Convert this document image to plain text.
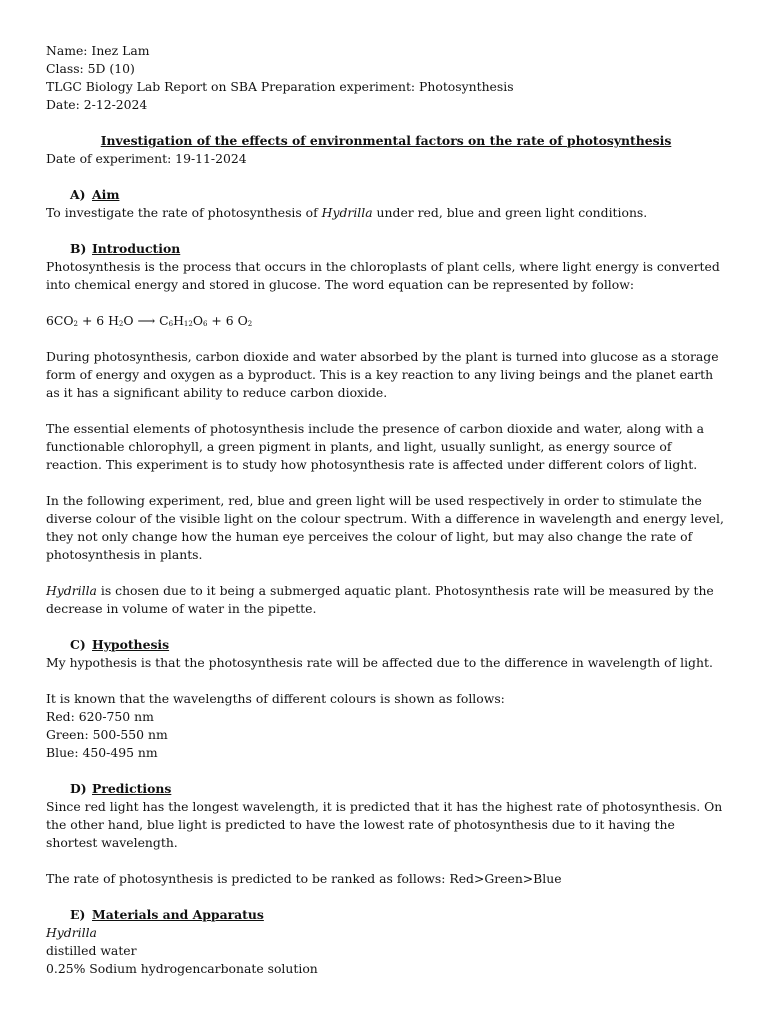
Name: Inez Lam
Class: 5D (10)
TLGC Biology Lab Report on SBA Preparation experiment: Photosynthesis
Date: 2-12-2024
Investigation of the effects of environmental factors on the rate of photosynthesis
Date of experiment: 19-11-2024
A) Aim
To investigate the rate of photosynthesis of Hydrilla under red, blue and green light conditions.
B) Introduction
Photosynthesis is the process that occurs in the chloroplasts of plant cells, where light energy is converted into chemical energy and stored in glucose. The word equation can be represented by follow:
$6CO_2 + 6$ $H_2O$ ⟶ $C_6H_{12}O_6 + 6$ $O_2$
During photosynthesis, carbon dioxide and water absorbed by the plant is turned into glucose as a storage form of energy and oxygen as a byproduct. This is a key reaction to any living beings and the planet earth as it has a significant ability to reduce carbon dioxide.
The essential elements of photosynthesis include the presence of carbon dioxide and water, along with a functionable chlorophyll, a green pigment in plants, and light, usually sunlight, as energy source of reaction. This experiment is to study how photosynthesis rate is affected under different colors of light.
In the following experiment, red, blue and green light will be used respectively in order to stimulate the diverse colour of the visible light on the colour spectrum. With a difference in wavelength and energy level, they not only change how the human eye perceives the colour of light, but may also change the rate of photosynthesis in plants.
Hydrilla is chosen due to it being a submerged aquatic plant. Photosynthesis rate will be measured by the decrease in volume of water in the pipette.
C) Hypothesis
My hypothesis is that the photosynthesis rate will be affected due to the difference in wavelength of light.
It is known that the wavelengths of different colours is shown as follows:
Red: 620-750 nm
Green: 500-550 nm
Blue: 450-495 nm
D) Predictions
Since red light has the longest wavelength, it is predicted that it has the highest rate of photosynthesis. On the other hand, blue light is predicted to have the lowest rate of photosynthesis due to it having the shortest wavelength.
The rate of photosynthesis is predicted to be ranked as follows: Red>Green>Blue
E) Materials and Apparatus
Hydrilla
distilled water
0.25% Sodium hydrogencarbonate solution
